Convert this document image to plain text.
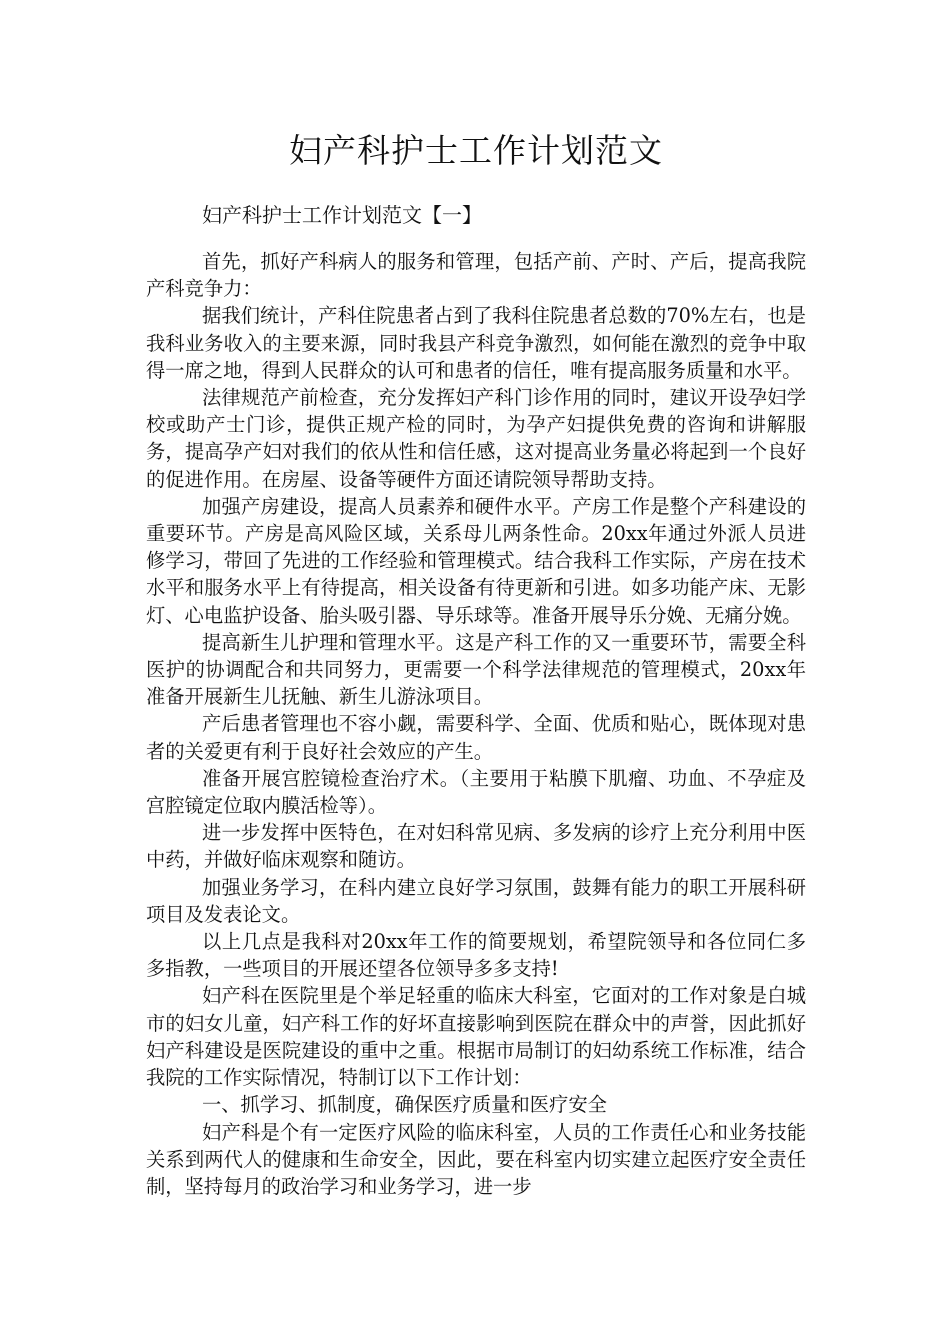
妇产科护士工作计划范文

妇产科护士工作计划范文【一】

首先，抓好产科病人的服务和管理，包括产前、产时、产后，提高我院产科竞争力：

据我们统计，产科住院患者占到了我科住院患者总数的70%左右，也是我科业务收入的主要来源，同时我县产科竞争激烈，如何能在激烈的竞争中取得一席之地，得到人民群众的认可和患者的信任，唯有提高服务质量和水平。

法律规范产前检查，充分发挥妇产科门诊作用的同时，建议开设孕妇学校或助产士门诊，提供正规产检的同时，为孕产妇提供免费的咨询和讲解服务，提高孕产妇对我们的依从性和信任感，这对提高业务量必将起到一个良好的促进作用。在房屋、设备等硬件方面还请院领导帮助支持。

加强产房建设，提高人员素养和硬件水平。产房工作是整个产科建设的重要环节。产房是高风险区域，关系母儿两条性命。20xx年通过外派人员进修学习，带回了先进的工作经验和管理模式。结合我科工作实际，产房在技术水平和服务水平上有待提高，相关设备有待更新和引进。如多功能产床、无影灯、心电监护设备、胎头吸引器、导乐球等。准备开展导乐分娩、无痛分娩。

提高新生儿护理和管理水平。这是产科工作的又一重要环节，需要全科医护的协调配合和共同努力，更需要一个科学法律规范的管理模式，20xx年准备开展新生儿抚触、新生儿游泳项目。

产后患者管理也不容小觑，需要科学、全面、优质和贴心，既体现对患者的关爱更有利于良好社会效应的产生。

准备开展宫腔镜检查治疗术。（主要用于粘膜下肌瘤、功血、不孕症及宫腔镜定位取内膜活检等）。

进一步发挥中医特色，在对妇科常见病、多发病的诊疗上充分利用中医中药，并做好临床观察和随访。

加强业务学习，在科内建立良好学习氛围，鼓舞有能力的职工开展科研项目及发表论文。

以上几点是我科对20xx年工作的简要规划，希望院领导和各位同仁多多指教，一些项目的开展还望各位领导多多支持!

妇产科在医院里是个举足轻重的临床大科室，它面对的工作对象是白城市的妇女儿童，妇产科工作的好坏直接影响到医院在群众中的声誉，因此抓好妇产科建设是医院建设的重中之重。根据市局制订的妇幼系统工作标准，结合我院的工作实际情况，特制订以下工作计划：

一、抓学习、抓制度，确保医疗质量和医疗安全

妇产科是个有一定医疗风险的临床科室，人员的工作责任心和业务技能关系到两代人的健康和生命安全，因此，要在科室内切实建立起医疗安全责任制，坚持每月的政治学习和业务学习，进一步
